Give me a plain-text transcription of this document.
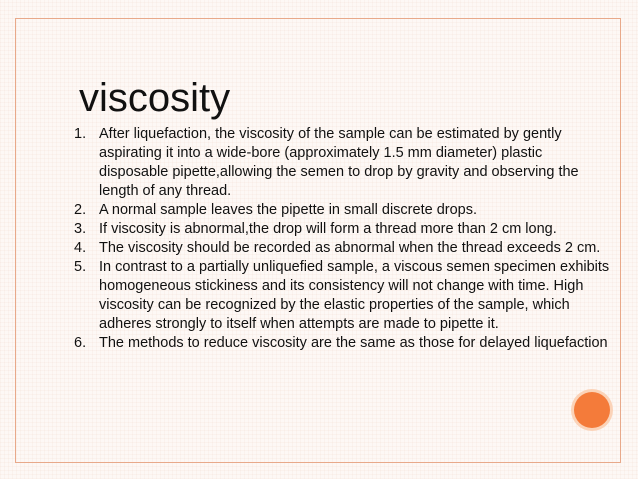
viscosity
1. After liquefaction, the viscosity of the sample can be estimated by gently aspirating it into a wide-bore (approximately 1.5 mm diameter) plastic disposable pipette,allowing the semen to drop by gravity and observing the length of any thread.
2. A normal sample leaves the pipette in small discrete drops.
3. If viscosity is abnormal,the drop will form a thread more than 2 cm long.
4. The viscosity should be recorded as abnormal when the thread exceeds 2 cm.
5. In contrast to a partially unliquefied sample, a viscous semen specimen exhibits homogeneous stickiness and its consistency will not change with time. High viscosity can be recognized by the elastic properties of the sample, which adheres strongly to itself when attempts are made to pipette it.
6. The methods to reduce viscosity are the same as those for delayed liquefaction
